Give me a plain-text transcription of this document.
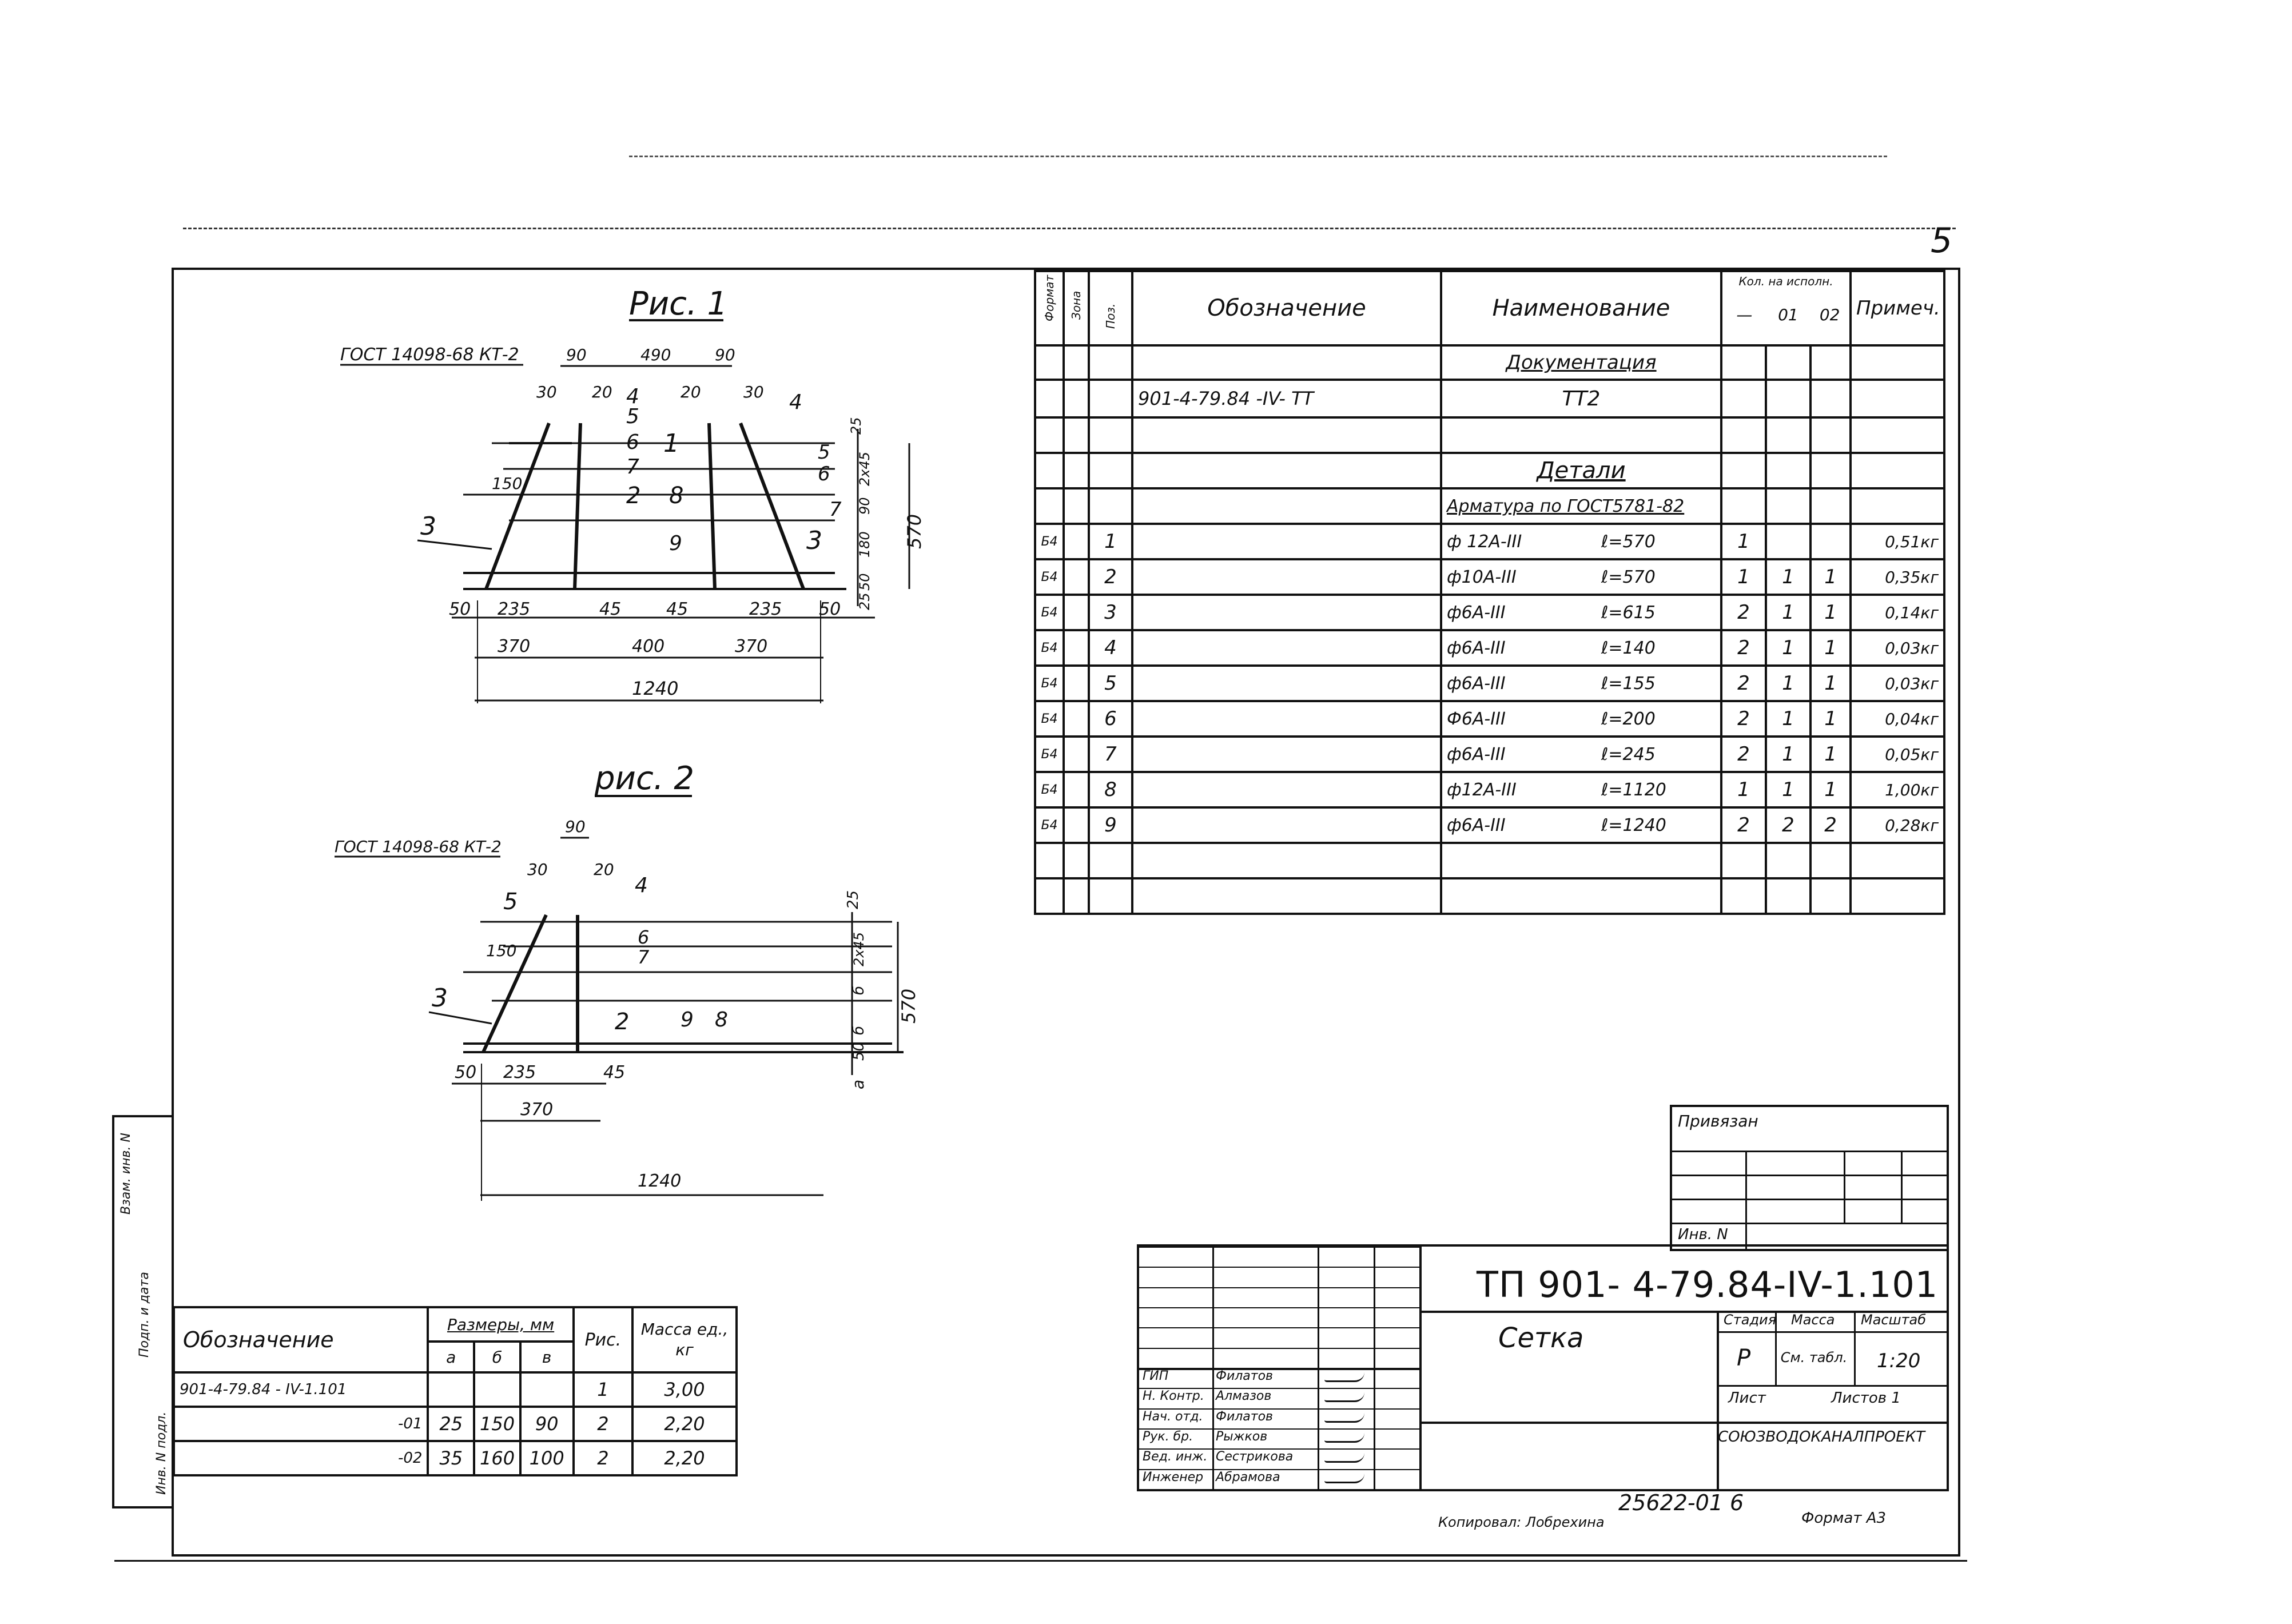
5
Взам. инв. N
Подп. и дата
Инв. N подл.
Рис. 1
ГОСТ 14098-68 КТ-2	90	490	90
30 20	20	30
150
3
4
5
6
7
1
2 8
9
4
5
6
7
3
25
2х45
90
180
50
25
570
50 235	45	45	235 50
370	400	370
1240
рис. 2
ГОСТ 14098-68 КТ-2
90
30	20
4
5
6
7
150
3
2 9 8
25
2х45
б
б
50
а
570
50 235	45
370
1240
Формат	Зона	Поз.	Обозначение	Наименование	Кол. на исполн.
— 01 02			Примеч.
				Документация				
			901-4-79.84 -IV- ТТ	ТТ2				

				Детали				
				Арматура по ГОСТ5781-82				
Б4		1		ф 12А-III ℓ=570	1			0,51кг
Б4		2		ф10А-III ℓ=570	1	1	1	0,35кг
Б4		3		ф6А-III ℓ=615	2	1	1	0,14кг
Б4		4		ф6А-III ℓ=140	2	1	1	0,03кг
Б4		5		ф6А-III ℓ=155	2	1	1	0,03кг
Б4		6		Ф6А-III ℓ=200	2	1	1	0,04кг
Б4		7		ф6А-III ℓ=245	2	1	1	0,05кг
Б4		8		ф12А-III ℓ=1120	1	1	1	1,00кг
Б4		9		ф6А-III ℓ=1240	2	2	2	0,28кг

Обозначение	Размеры, мм			Рис.	Масса ед., кг
	а	б	в		
901-4-79.84 - IV-1.101				1	3,00
-01	25	150	90	2	2,20
-02	35	160	100	2	2,20
Привязан
Инв. N
ГИП	Филатов
Н. Контр. Алмазов
Нач. отд. Филатов
Рук. бр. Рыжков
Вед. инж. Сестрикова
Инженер Абрамова
ТП 901- 4-79.84-IV-1.101
Сетка
Стадия Масса Масштаб
Р См. табл. 1:20
Лист	Листов 1
СОЮЗВОДОКАНАЛПРОЕКТ
25622-01 6
Копировал: Лобрехина	Формат А3
